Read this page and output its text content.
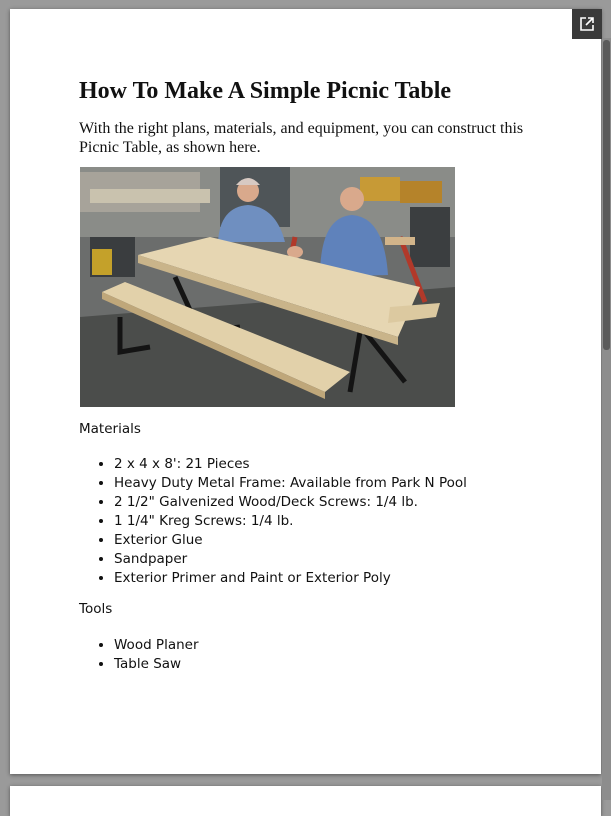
How To Make A Simple Picnic Table

With the right plans, materials, and equipment, you can construct this Picnic Table, as shown here.

Materials

• 2 x 4 x 8': 21 Pieces
• Heavy Duty Metal Frame: Available from Park N Pool
• 2 1/2" Galvenized Wood/Deck Screws: 1/4 lb.
• 1 1/4" Kreg Screws: 1/4 lb.
• Exterior Glue
• Sandpaper
• Exterior Primer and Paint or Exterior Poly

Tools

• Wood Planer
• Table Saw
